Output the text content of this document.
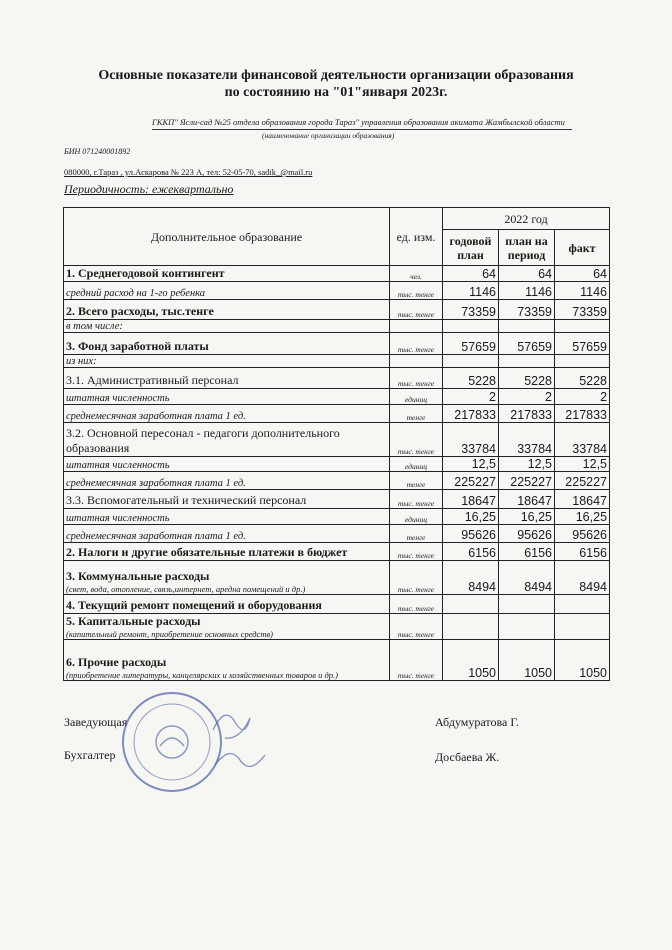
Основные показатели финансовой деятельности организации образования
по состоянию на "01"января 2023г.
ГККП" Ясли-сад №25 отдела образования города Тараз" управления образования акимата Жамбылской области
(наименование организации образования)
БИН 071240001892
080000, г.Тараз , ул.Аскарова № 223 А, тел: 52-05-70, sadik_@mail.ru
Периодичность: ежеквартально
Дополнительное образование	ед. изм.	2022 год		
		годовой план	план на период	факт
1. Среднегодовой контингент	чел.	64	64	64
средний расход на 1-го ребенка	тыс. тенге	1146	1146	1146
2. Всего расходы, тыс.тенге	тыс. тенге	73359	73359	73359
в том числе:				
3. Фонд заработной платы	тыс. тенге	57659	57659	57659
из них:				
3.1. Административный персонал	тыс. тенге	5228	5228	5228
штатная численность	единиц	2	2	2
среднемесячная заработная плата 1 ед.	тенге	217833	217833	217833
3.2. Основной пересонал - педагоги дополнительного образования	тыс. тенге	33784	33784	33784
штатная численность	единиц	12,5	12,5	12,5
среднемесячная заработная плата 1 ед.	тенге	225227	225227	225227
3.3. Вспомогательный и технический персонал	тыс. тенге	18647	18647	18647
штатная численность	единиц	16,25	16,25	16,25
среднемесячная заработная плата 1 ед.	тенге	95626	95626	95626
2. Налоги и другие обязательные платежи в бюджет	тыс. тенге	6156	6156	6156
3. Коммунальные расходы
(свет, вода, отопление, связь,интернет, аредна помещений и др.)	тыс. тенге	8494	8494	8494
4. Текущий ремонт помещений и оборудования	тыс. тенге			
5. Капитальные расходы
(капительный ремонт, приобретение основных средств)	тыс. тенге			
6. Прочие расходы
(приобретение литературы, канцелярских и хозяйственных товаров и др.)	тыс. тенге	1050	1050	1050
Заведующая	Абдумуратова Г.
Бухгалтер	Досбаева Ж.
